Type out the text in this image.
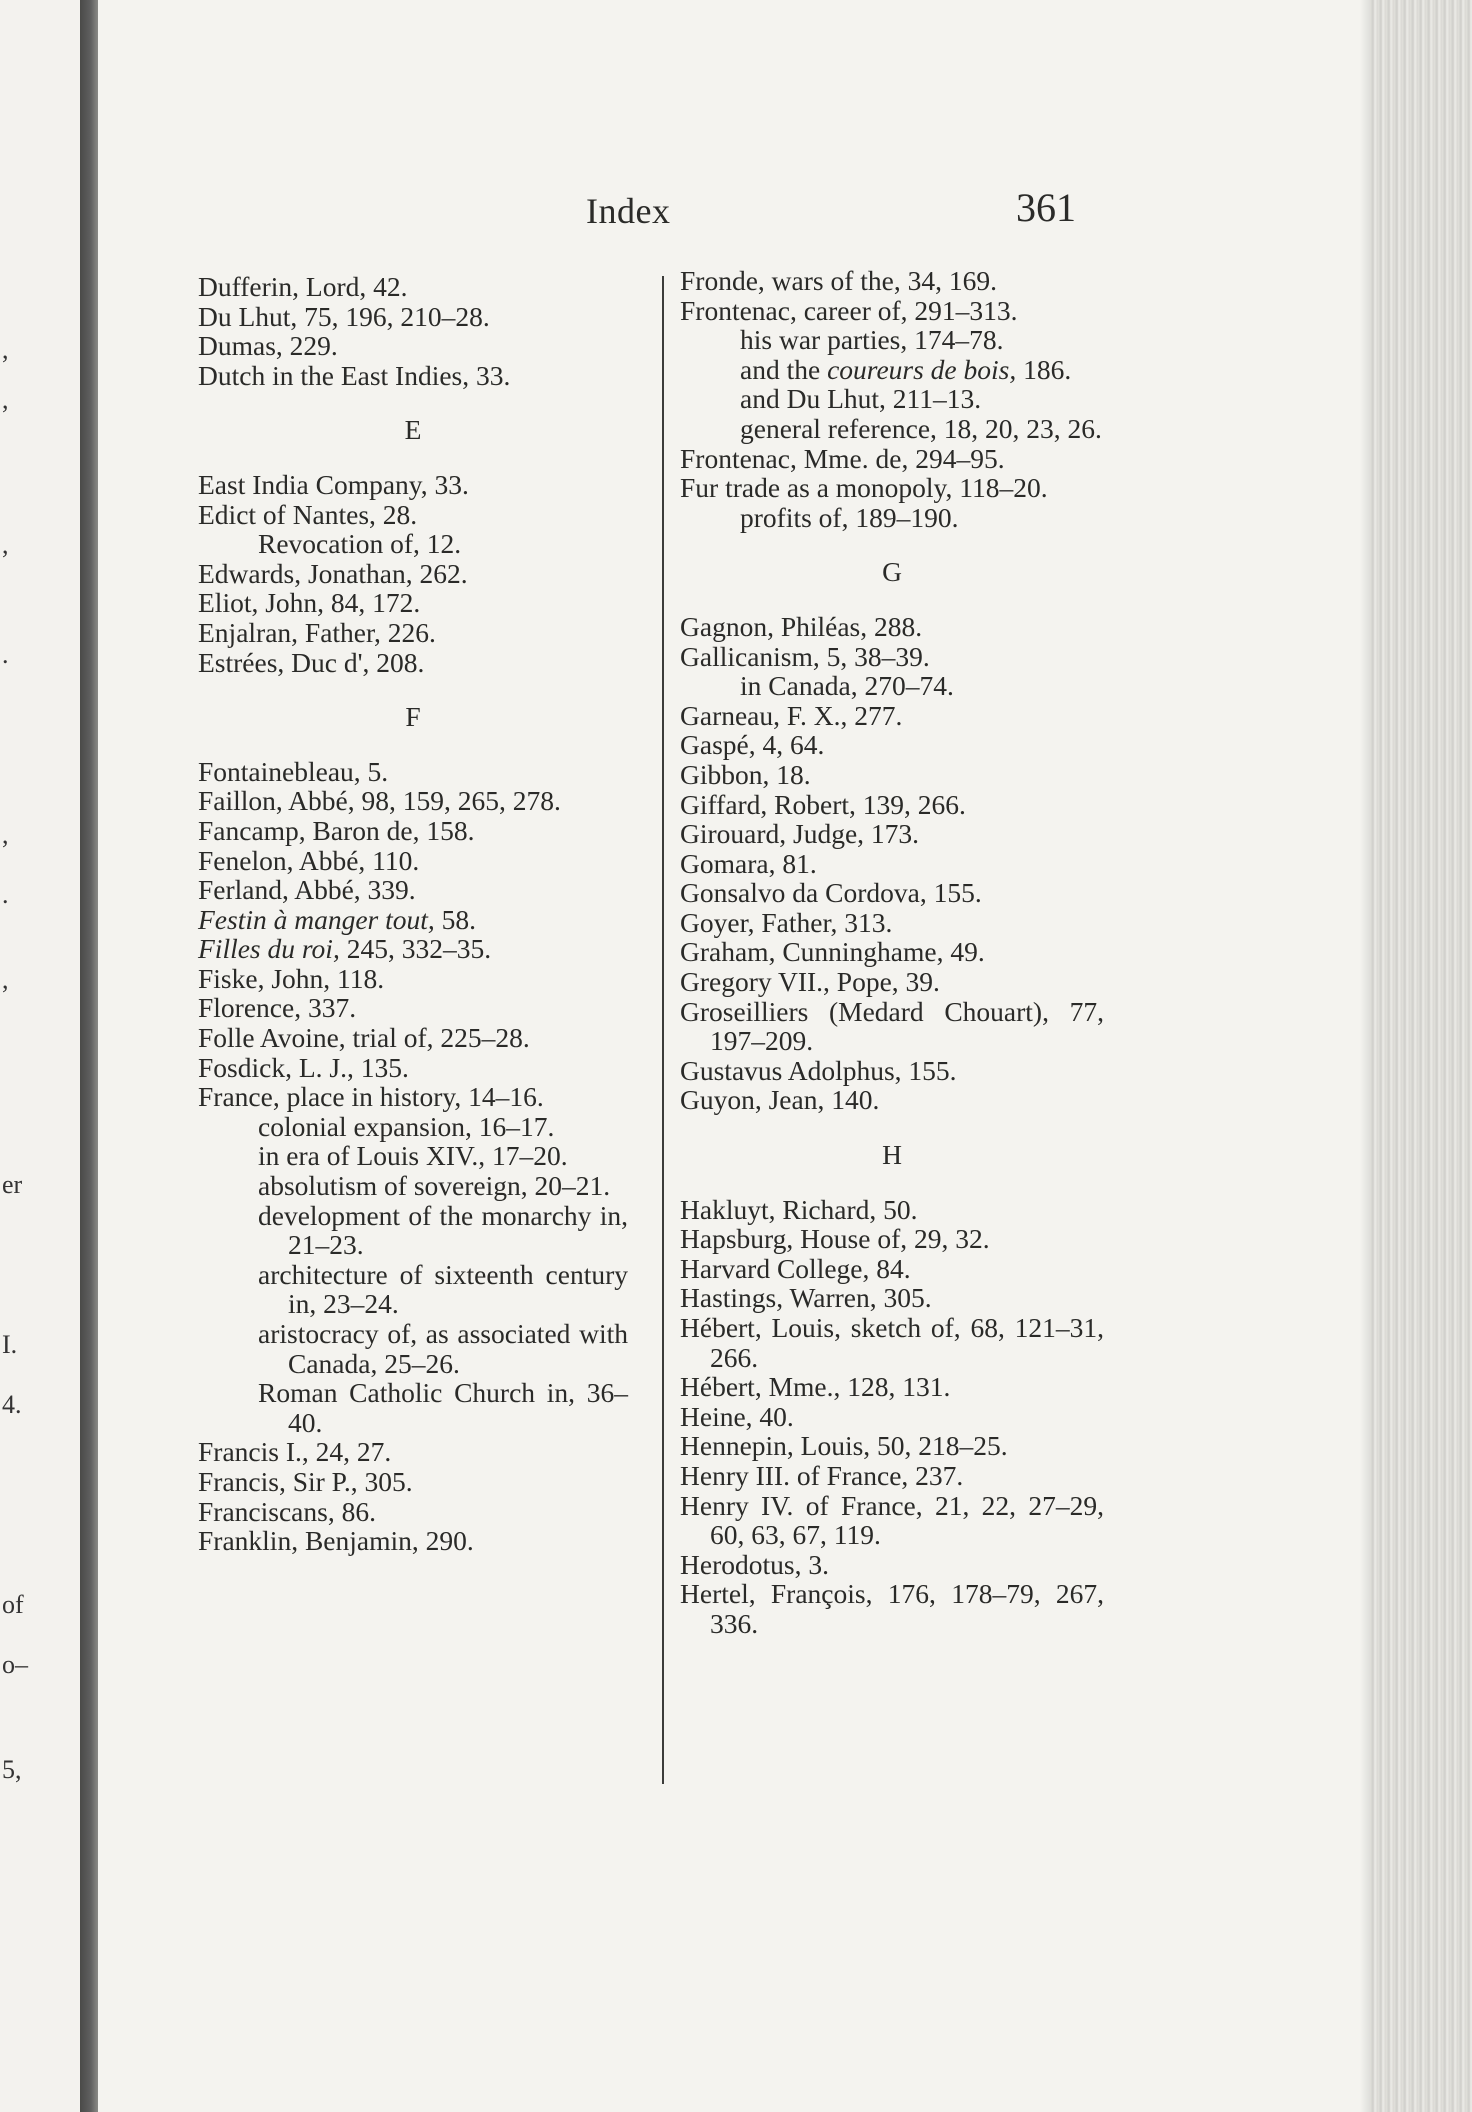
,
,
,
.
,
.
,
er
I.
4.
of
o–
5,
Index	361
Dufferin, Lord, 42.
Du Lhut, 75, 196, 210–28.
Dumas, 229.
Dutch in the East Indies, 33.
E
East India Company, 33.
Edict of Nantes, 28.
Revocation of, 12.
Edwards, Jonathan, 262.
Eliot, John, 84, 172.
Enjalran, Father, 226.
Estrées, Duc d', 208.
F
Fontainebleau, 5.
Faillon, Abbé, 98, 159, 265, 278.
Fancamp, Baron de, 158.
Fenelon, Abbé, 110.
Ferland, Abbé, 339.
Festin à manger tout, 58.
Filles du roi, 245, 332–35.
Fiske, John, 118.
Florence, 337.
Folle Avoine, trial of, 225–28.
Fosdick, L. J., 135.
France, place in history, 14–16.
colonial expansion, 16–17.
in era of Louis XIV., 17–20.
absolutism of sovereign, 20–21.
development of the monarchy in, 21–23.
architecture of sixteenth century in, 23–24.
aristocracy of, as associated with Canada, 25–26.
Roman Catholic Church in, 36–40.
Francis I., 24, 27.
Francis, Sir P., 305.
Franciscans, 86.
Franklin, Benjamin, 290.
Fronde, wars of the, 34, 169.
Frontenac, career of, 291–313.
his war parties, 174–78.
and the coureurs de bois, 186.
and Du Lhut, 211–13.
general reference, 18, 20, 23, 26.
Frontenac, Mme. de, 294–95.
Fur trade as a monopoly, 118–20.
profits of, 189–190.
G
Gagnon, Philéas, 288.
Gallicanism, 5, 38–39.
in Canada, 270–74.
Garneau, F. X., 277.
Gaspé, 4, 64.
Gibbon, 18.
Giffard, Robert, 139, 266.
Girouard, Judge, 173.
Gomara, 81.
Gonsalvo da Cordova, 155.
Goyer, Father, 313.
Graham, Cunninghame, 49.
Gregory VII., Pope, 39.
Groseilliers (Medard Chouart), 77, 197–209.
Gustavus Adolphus, 155.
Guyon, Jean, 140.
H
Hakluyt, Richard, 50.
Hapsburg, House of, 29, 32.
Harvard College, 84.
Hastings, Warren, 305.
Hébert, Louis, sketch of, 68, 121–31, 266.
Hébert, Mme., 128, 131.
Heine, 40.
Hennepin, Louis, 50, 218–25.
Henry III. of France, 237.
Henry IV. of France, 21, 22, 27–29, 60, 63, 67, 119.
Herodotus, 3.
Hertel, François, 176, 178–79, 267, 336.
